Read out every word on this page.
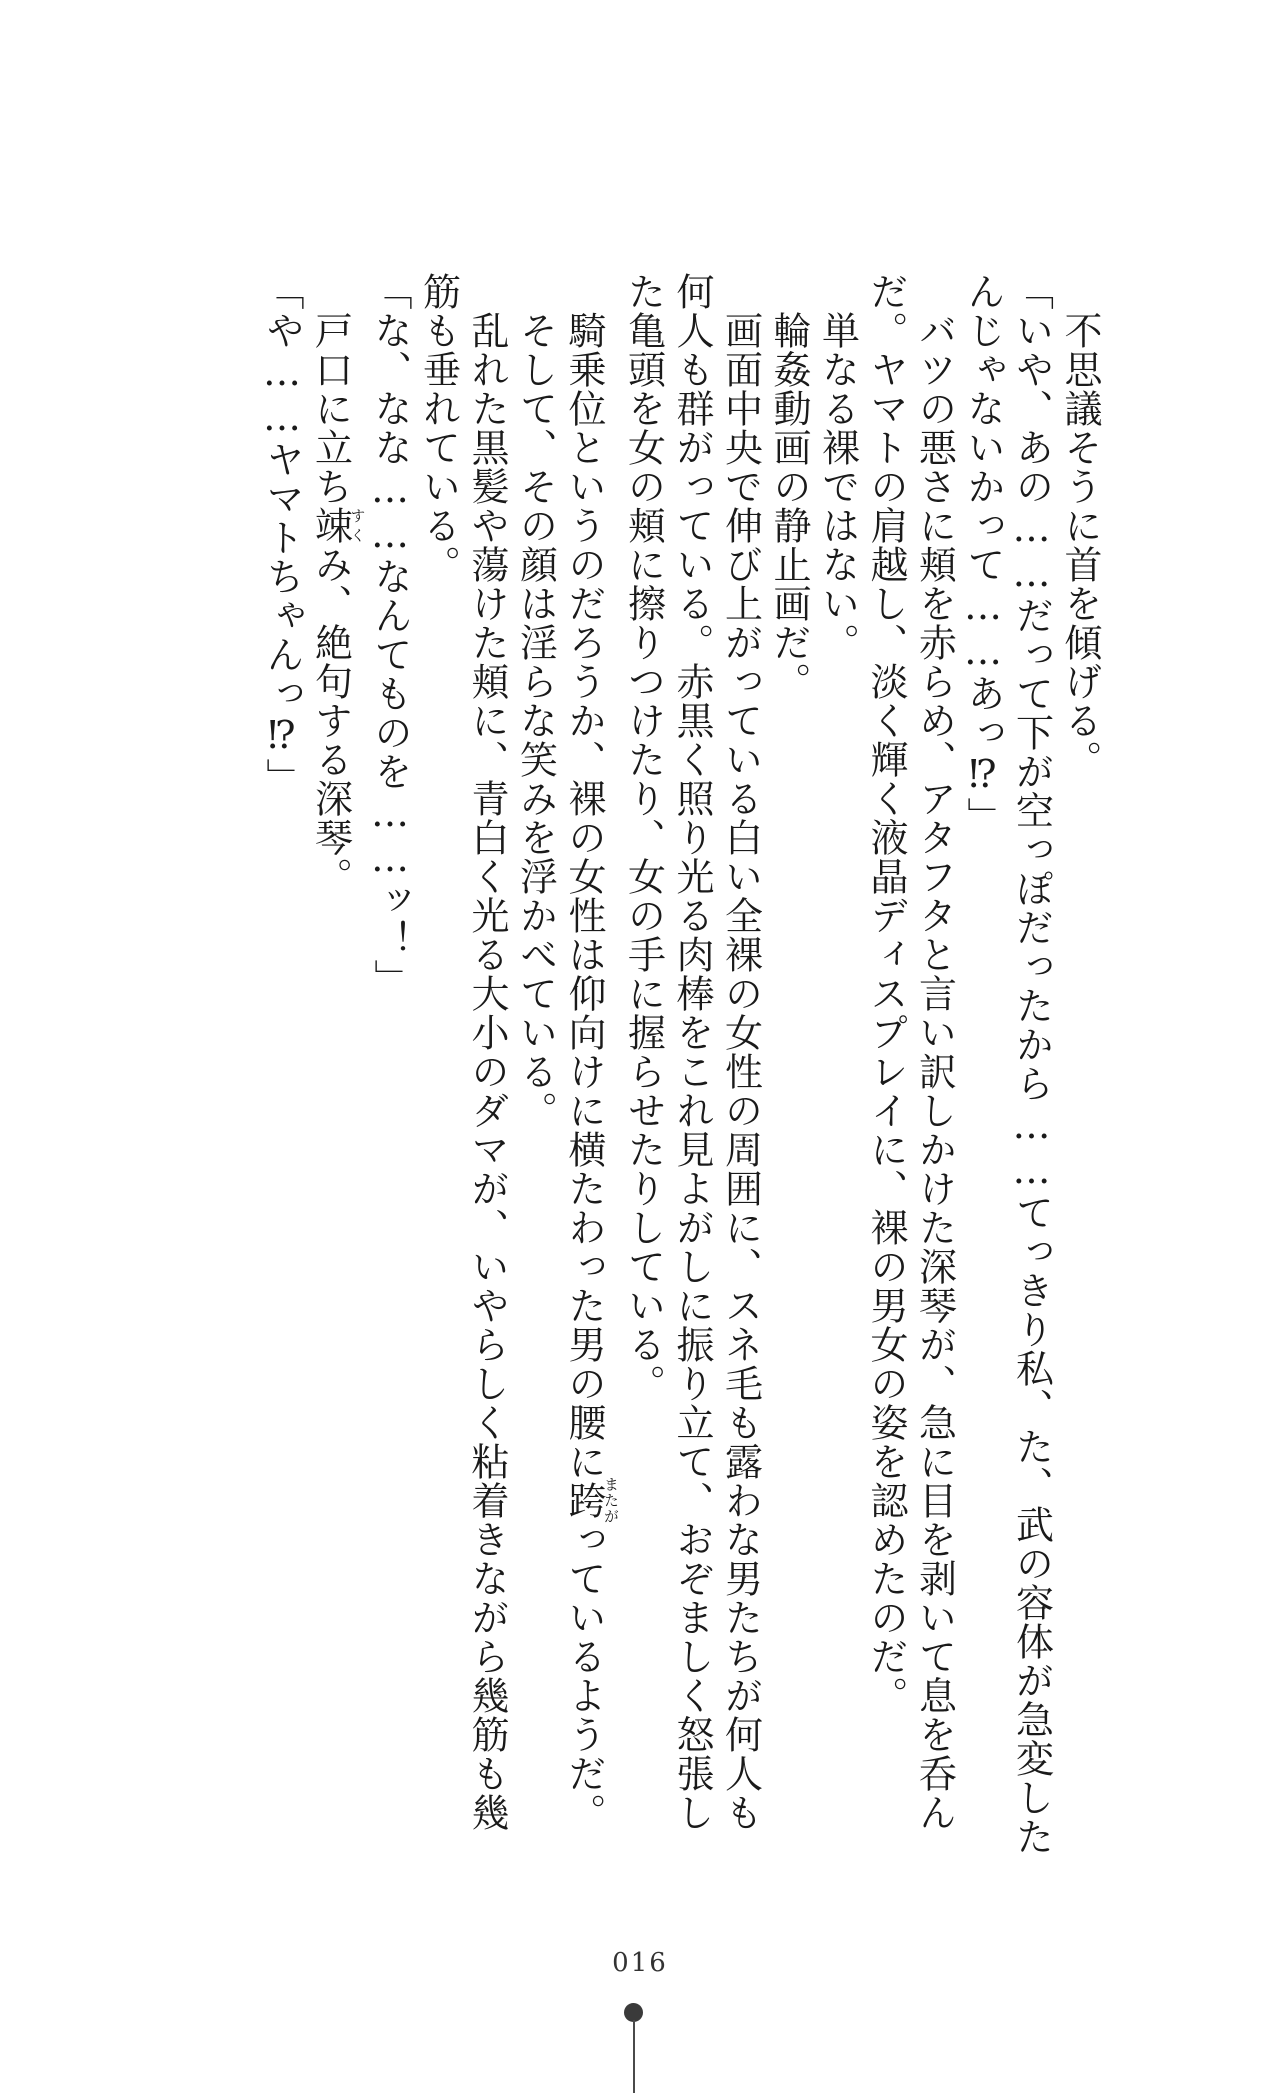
　不思議そうに首を傾げる。
「いや、あの……だって下が空っぽだったから……てっきり私、た、武の容体が急変した
んじゃないかって……あっ⁉」
　バツの悪さに頬を赤らめ、アタフタと言い訳しかけた深琴が、急に目を剥いて息を呑ん
だ。ヤマトの肩越し、淡く輝く液晶ディスプレイに、裸の男女の姿を認めたのだ。
　単なる裸ではない。
　輪姦動画の静止画だ。
　画面中央で伸び上がっている白い全裸の女性の周囲に、スネ毛も露わな男たちが何人も
何人も群がっている。赤黒く照り光る肉棒をこれ見よがしに振り立て、おぞましく怒張し
た亀頭を女の頬に擦りつけたり、女の手に握らせたりしている。
　騎乗位というのだろうか、裸の女性は仰向けに横たわった男の腰に跨またがっているようだ。
　そして、その顔は淫らな笑みを浮かべている。
　乱れた黒髪や蕩けた頬に、青白く光る大小のダマが、いやらしく粘着きながら幾筋も幾
筋も垂れている。
「な、なな……なんてものを……ッ！」
　戸口に立ち竦すくみ、絶句する深琴。
「や……ヤマトちゃんっ⁉」
016
